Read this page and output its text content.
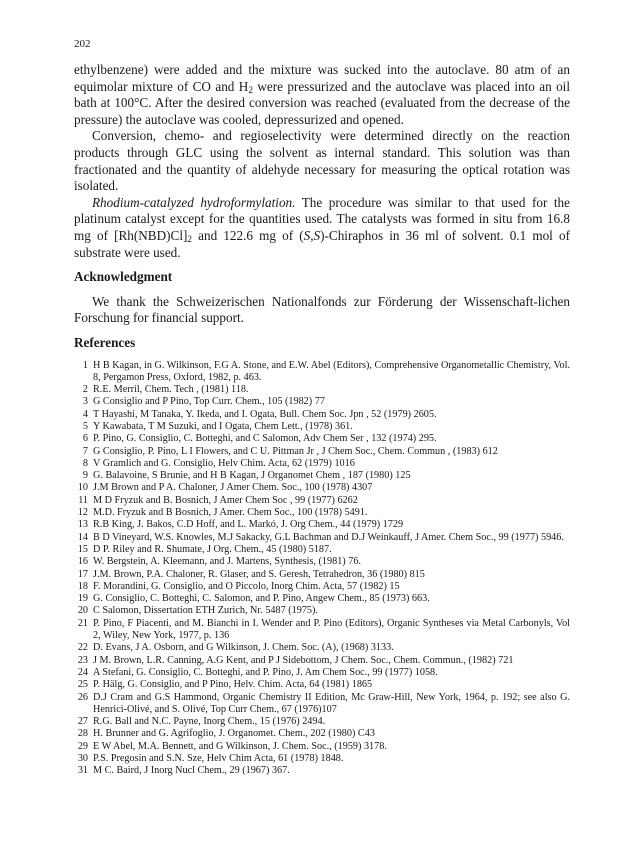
202

ethylbenzene) were added and the mixture was sucked into the autoclave. 80 atm of an equimolar mixture of CO and $H_2$ were pressurized and the autoclave was placed into an oil bath at 100°C. After the desired conversion was reached (evaluated from the decrease of the pressure) the autoclave was cooled, depressurized and opened.

Conversion, chemo- and regioselectivity were determined directly on the reaction products through GLC using the solvent as internal standard. This solution was than fractionated and the quantity of aldehyde necessary for measuring the optical rotation was isolated.

Rhodium-catalyzed hydroformylation. The procedure was similar to that used for the platinum catalyst except for the quantities used. The catalysts was formed in situ from 16.8 mg of $[Rh(NBD)Cl]_2$ and 122.6 mg of (S,S)-Chiraphos in 36 ml of solvent. 0.1 mol of substrate were used.

Acknowledgment

We thank the Schweizerischen Nationalfonds zur Förderung der Wissenschaft-lichen Forschung for financial support.

References
1 H B Kagan, in G. Wilkinson, F.G A. Stone, and E.W. Abel (Editors), Comprehensive Organometallic Chemistry, Vol. 8, Pergamon Press, Oxford, 1982, p. 463.
2 R.E. Merril, Chem. Tech , (1981) 118.
3 G Consiglio and P Pino, Top Curr. Chem., 105 (1982) 77
4 T Hayashi, M Tanaka, Y. Ikeda, and I. Ogata, Bull. Chem Soc. Jpn , 52 (1979) 2605.
5 Y Kawabata, T M Suzuki, and I Ogata, Chem Lett., (1978) 361.
6 P. Pino, G. Consiglio, C. Botteghi, and C Salomon, Adv Chem Ser , 132 (1974) 295.
7 G Consiglio, P. Pino, L I Flowers, and C U. Pittman Jr , J Chem Soc., Chem. Commun , (1983) 612
8 V Gramlich and G. Consiglio, Helv Chim. Acta, 62 (1979) 1016
9 G. Balavoine, S Brunie, and H B Kagan, J Organomet Chem , 187 (1980) 125
10 J.M Brown and P A. Chaloner, J Amer Chem. Soc., 100 (1978) 4307
11 M D Fryzuk and B. Bosnich, J Amer Chem Soc , 99 (1977) 6262
12 M.D. Fryzuk and B Bosnich, J Amer. Chem Soc., 100 (1978) 5491.
13 R.B King, J. Bakos, C.D Hoff, and L. Markó, J. Org Chem., 44 (1979) 1729
14 B D Vineyard, W.S. Knowles, M.J Sakacky, G.L Bachman and D.J Weinkauff, J Amer. Chem Soc., 99 (1977) 5946.
15 D P. Riley and R. Shumate, J Org. Chem., 45 (1980) 5187.
16 W. Bergstein, A. Kleemann, and J. Martens, Synthesis, (1981) 76.
17 J.M. Brown, P.A. Chaloner, R. Glaser, and S. Geresh, Tetrahedron, 36 (1980) 815
18 F. Morandini, G. Consiglio, and O Piccolo, Inorg Chim. Acta, 57 (1982) 15
19 G. Consiglio, C. Botteghi, C. Salomon, and P. Pino, Angew Chem., 85 (1973) 663.
20 C Salomon, Dissertation ETH Zurich, Nr. 5487 (1975).
21 P. Pino, F Piacenti, and M. Bianchi in I. Wender and P. Pino (Editors), Organic Syntheses via Metal Carbonyls, Vol 2, Wiley, New York, 1977, p. 136
22 D. Evans, J A. Osborn, and G Wilkinson, J. Chem. Soc. (A), (1968) 3133.
23 J M. Brown, L.R. Canning, A.G Kent, and P J Sidebottom, J Chem. Soc., Chem. Commun., (1982) 721
24 A Stefani, G. Consiglio, C. Botteghi, and P. Pino, J. Am Chem Soc., 99 (1977) 1058.
25 P. Hälg, G. Consiglio, and P Pino, Helv. Chim. Acta, 64 (1981) 1865
26 D.J Cram and G.S Hammond, Organic Chemistry II Edition, Mc Graw-Hill, New York, 1964, p. 192; see also G. Henrici-Olivé, and S. Olivé, Top Curr Chem., 67 (1976)107
27 R.G. Ball and N.C. Payne, Inorg Chem., 15 (1976) 2494.
28 H. Brunner and G. Agrifoglio, J. Organomet. Chem., 202 (1980) C43
29 E W Abel, M.A. Bennett, and G Wilkinson, J. Chem. Soc., (1959) 3178.
30 P.S. Pregosin and S.N. Sze, Helv Chim Acta, 61 (1978) 1848.
31 M C. Baird, J Inorg Nucl Chem., 29 (1967) 367.
